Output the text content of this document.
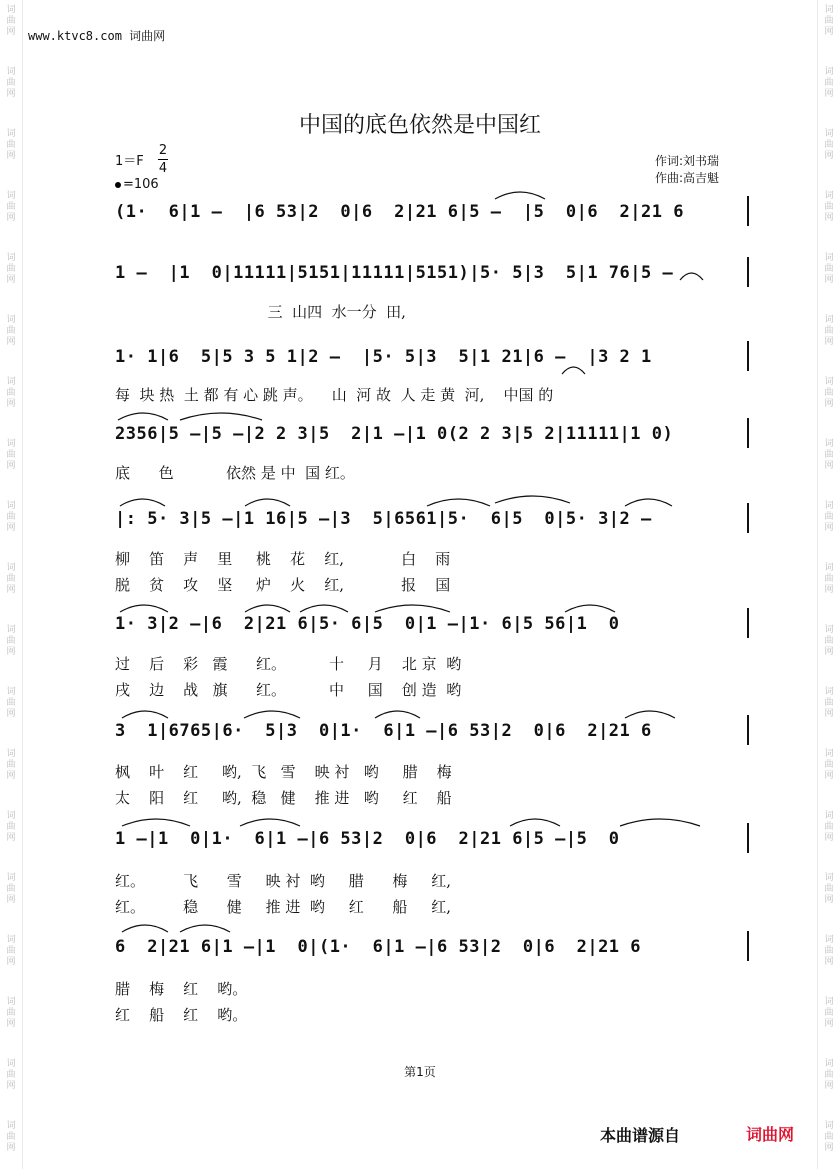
词
曲
网
词
曲
网
词
曲
网
词
曲
网
词
曲
网
词
曲
网
词
曲
网
词
曲
网
词
曲
网
词
曲
网
词
曲
网
词
曲
网
词
曲
网
词
曲
网
词
曲
网
词
曲
网
词
曲
网
词
曲
网
词
曲
网
词
曲
网
词
曲
网
词
曲
网
词
曲
网
词
曲
网
词
曲
网
词
曲
网
词
曲
网
词
曲
网
词
曲
网
词
曲
网
词
曲
网
词
曲
网
词
曲
网
词
曲
网
词
曲
网
词
曲
网
词
曲
网
词
曲
网
www.ktvc8.com 词曲网
中国的底色依然是中国红
1＝F
2
4
=106
作词:刘书瑞
作曲:高吉魁
(1·  6|1 –  |6 53|2  0|6  2|21 6|5 –  |5  0|6  2|21 6
1 –  |1  0|11111|5151|11111|5151)|5· 5|3  5|1 76|5 –
三  山四  水一分  田,
1· 1|6  5|5 3 5 1|2 –  |5· 5|3  5|1 21|6 –  |3 2 1
每  块 热  土 都 有 心 跳 声。    山  河 故  人 走 黄  河,    中国 的
2356|5 –|5 –|2 2 3|5  2|1 –|1 0(2 2 3|5 2|11111|1 0)
底      色           依然 是 中  国 红。
|: 5· 3|5 –|1 16|5 –|3  5|6561|5·  6|5  0|5· 3|2 –
柳    笛    声    里     桃    花    红,            白    雨
脱    贫    攻    坚     炉    火    红,            报    国
1· 3|2 –|6  2|21 6|5· 6|5  0|1 –|1· 6|5 56|1  0
过    后    彩   霞      红。         十     月    北 京  哟
戌    边    战   旗      红。         中     国    创 造  哟
3  1|6765|6·  5|3  0|1·  6|1 –|6 53|2  0|6  2|21 6
枫    叶    红     哟,  飞   雪    映 衬   哟     腊    梅
太    阳    红     哟,  稳   健    推 进   哟     红    船
1 –|1  0|1·  6|1 –|6 53|2  0|6  2|21 6|5 –|5  0
红。        飞      雪     映 衬  哟     腊      梅     红,
红。        稳      健     推 进  哟     红      船     红,
6  2|21 6|1 –|1  0|(1·  6|1 –|6 53|2  0|6  2|21 6
腊    梅    红    哟。
红    船    红    哟。
第1页
本曲谱源自	词曲网
